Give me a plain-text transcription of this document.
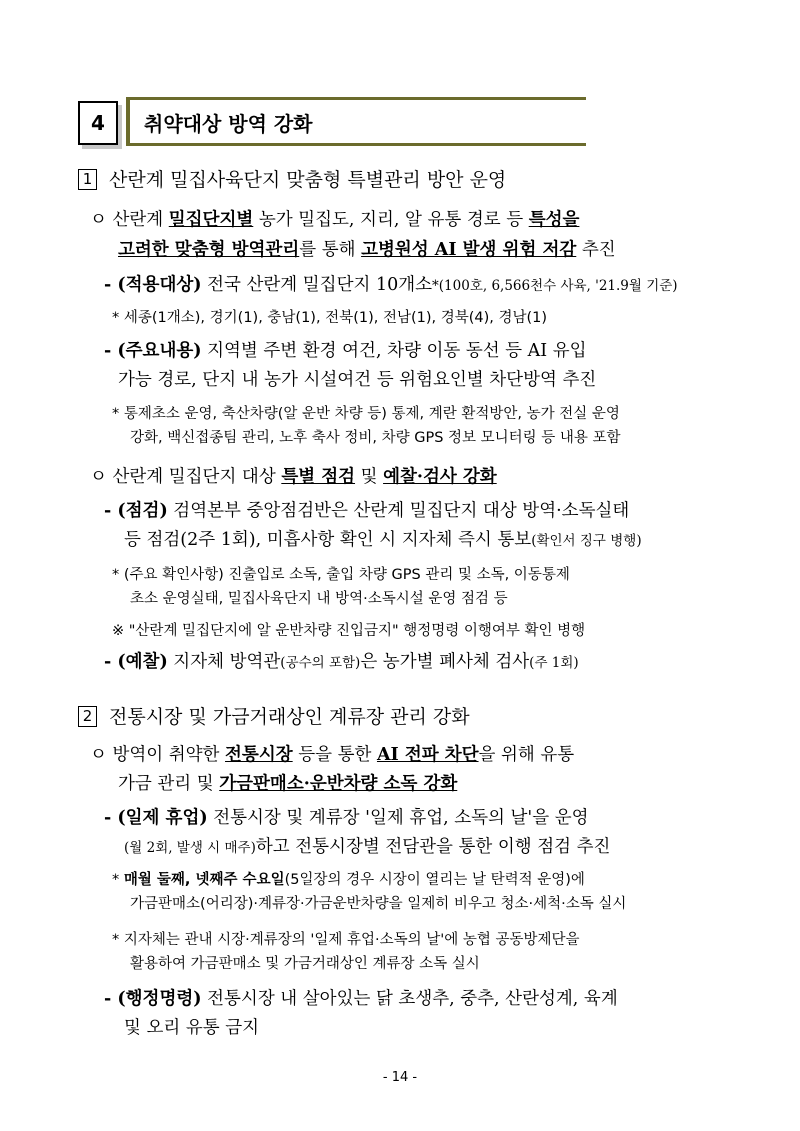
4	취약대상 방역 강화
1 산란계 밀집사육단지 맞춤형 특별관리 방안 운영
ㅇ 산란계 밀집단지별 농가 밀집도, 지리, 알 유통 경로 등 특성을
고려한 맞춤형 방역관리를 통해 고병원성 AI 발생 위험 저감 추진
- (적용대상) 전국 산란계 밀집단지 10개소*(100호, 6,566천수 사육, '21.9월 기준)
* 세종(1개소), 경기(1), 충남(1), 전북(1), 전남(1), 경북(4), 경남(1)
- (주요내용) 지역별 주변 환경 여건, 차량 이동 동선 등 AI 유입
가능 경로, 단지 내 농가 시설여건 등 위험요인별 차단방역 추진
* 통제초소 운영, 축산차량(알 운반 차량 등) 통제, 계란 환적방안, 농가 전실 운영
강화, 백신접종팀 관리, 노후 축사 정비, 차량 GPS 정보 모니터링 등 내용 포함
ㅇ 산란계 밀집단지 대상 특별 점검 및 예찰·검사 강화
- (점검) 검역본부 중앙점검반은 산란계 밀집단지 대상 방역·소독실태
등 점검(2주 1회), 미흡사항 확인 시 지자체 즉시 통보(확인서 징구 병행)
* (주요 확인사항) 진출입로 소독, 출입 차량 GPS 관리 및 소독, 이동통제
초소 운영실태, 밀집사육단지 내 방역·소독시설 운영 점검 등
※ "산란계 밀집단지에 알 운반차량 진입금지" 행정명령 이행여부 확인 병행
- (예찰) 지자체 방역관(공수의 포함)은 농가별 폐사체 검사(주 1회)
2 전통시장 및 가금거래상인 계류장 관리 강화
ㅇ 방역이 취약한 전통시장 등을 통한 AI 전파 차단을 위해 유통
가금 관리 및 가금판매소·운반차량 소독 강화
- (일제 휴업) 전통시장 및 계류장 '일제 휴업, 소독의 날'을 운영
(월 2회, 발생 시 매주)하고 전통시장별 전담관을 통한 이행 점검 추진
* 매월 둘째, 넷째주 수요일(5일장의 경우 시장이 열리는 날 탄력적 운영)에
가금판매소(어리장)·계류장·가금운반차량을 일제히 비우고 청소·세척·소독 실시
* 지자체는 관내 시장·계류장의 '일제 휴업·소독의 날'에 농협 공동방제단을
활용하여 가금판매소 및 가금거래상인 계류장 소독 실시
- (행정명령) 전통시장 내 살아있는 닭 초생추, 중추, 산란성계, 육계
및 오리 유통 금지
- 14 -
